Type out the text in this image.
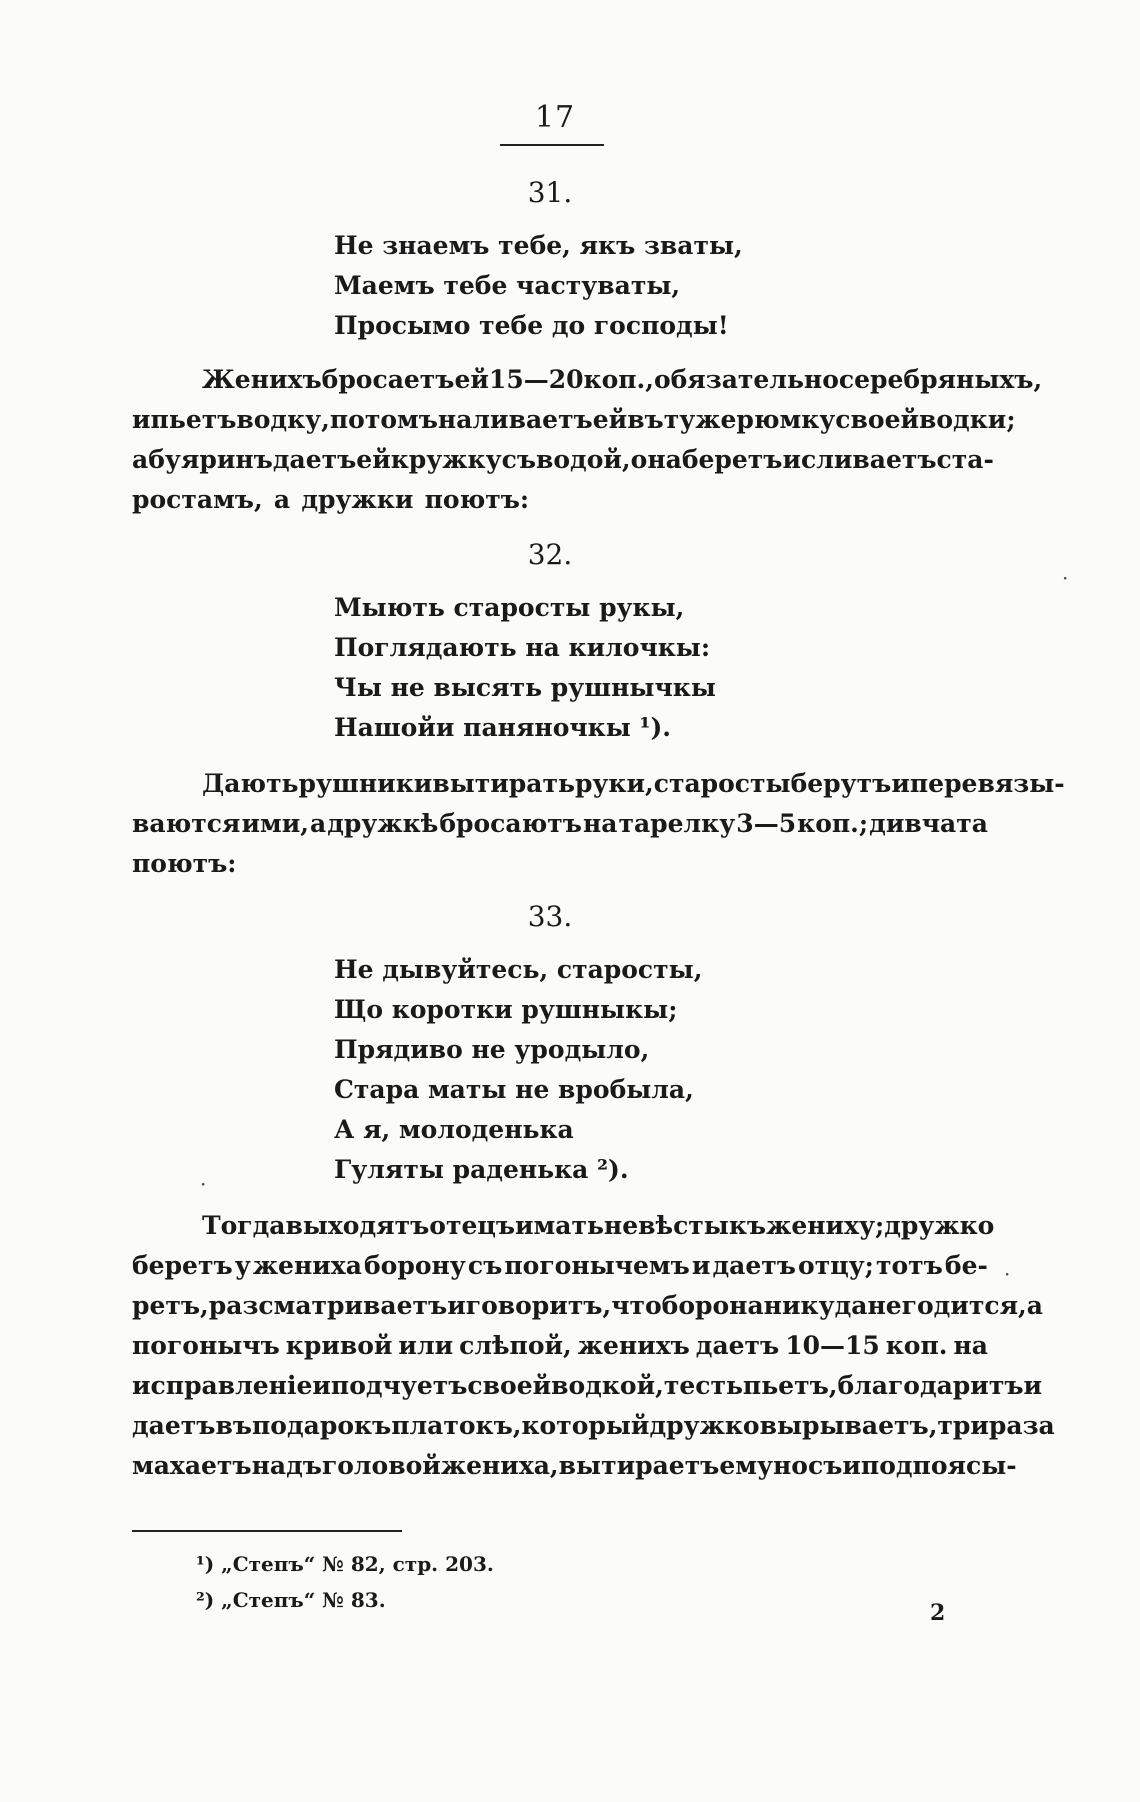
17
31.
Не знаемъ тебе, якъ зваты,
Маемъ тебе частуваты,
Просымо тебе до господы!
Женихъ бросаетъ ей 15—20 коп., обязательно серебряныхъ,
и пьетъ водку, потомъ наливаетъ ей въ ту же рюмку своей водки;
а буяринъ даетъ ей кружку съ водой, она беретъ и сливаетъ ста-
ростамъ, а дружки поютъ:
32.
Мыють старосты рукы,
Поглядають на килочкы:
Чы не высять рушнычкы
Нашойи паняночкы ¹).
Дають рушники вытирать руки, старосты берутъ и перевязы-
ваются ими, а дружкѣ бросаютъ на тарелку 3—5 коп.; дивчата
поютъ:
33.
Не дывуйтесь, старосты,
Що коротки рушныкы;
Прядиво не уродыло,
Стара маты не вробыла,
А я, молоденька
Гуляты раденька ²).
Тогда выходятъ отецъ и мать невѣсты къ жениху; дружко
беретъ у жениха борону съ погонычемъ и даетъ отцу; тотъ бе-
ретъ, разсматриваетъ и говоритъ, что борона никуда не годится, а
погонычъ кривой или слѣпой, женихъ даетъ 10—15 коп. на
исправленіе и подчуетъ своей водкой, тесть пьетъ, благодаритъ и
даетъ въ подарокъ платокъ, который дружко вырываетъ, три раза
махаетъ надъ головой жениха, вытираетъ ему носъ и подпоясы-
¹) „Степъ“ № 82, стр. 203.
²) „Степъ“ № 83.	2
·
·
·
